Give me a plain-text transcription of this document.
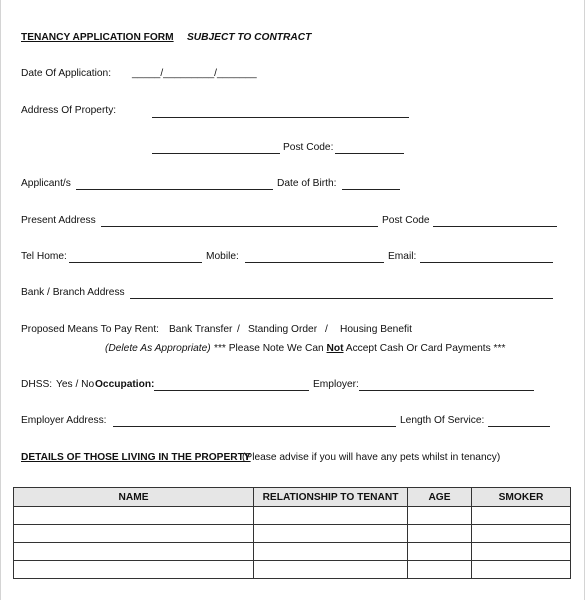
TENANCY APPLICATION FORM SUBJECT TO CONTRACT
Date Of Application: _____/_________/_______
Address Of Property:
Post Code:
Applicant/s	Date of Birth:
Present Address	Post Code
Tel Home:	Mobile:	Email:
Bank / Branch Address
Proposed Means To Pay Rent: Bank Transfer / Standing Order / Housing Benefit
(Delete As Appropriate) *** Please Note We Can Not Accept Cash Or Card Payments ***
DHSS: Yes / No Occupation:	Employer:
Employer Address:	Length Of Service:
DETAILS OF THOSE LIVING IN THE PROPERTY
(Please advise if you will have any pets whilst in tenancy)
NAME	RELATIONSHIP TO TENANT	AGE	SMOKER
